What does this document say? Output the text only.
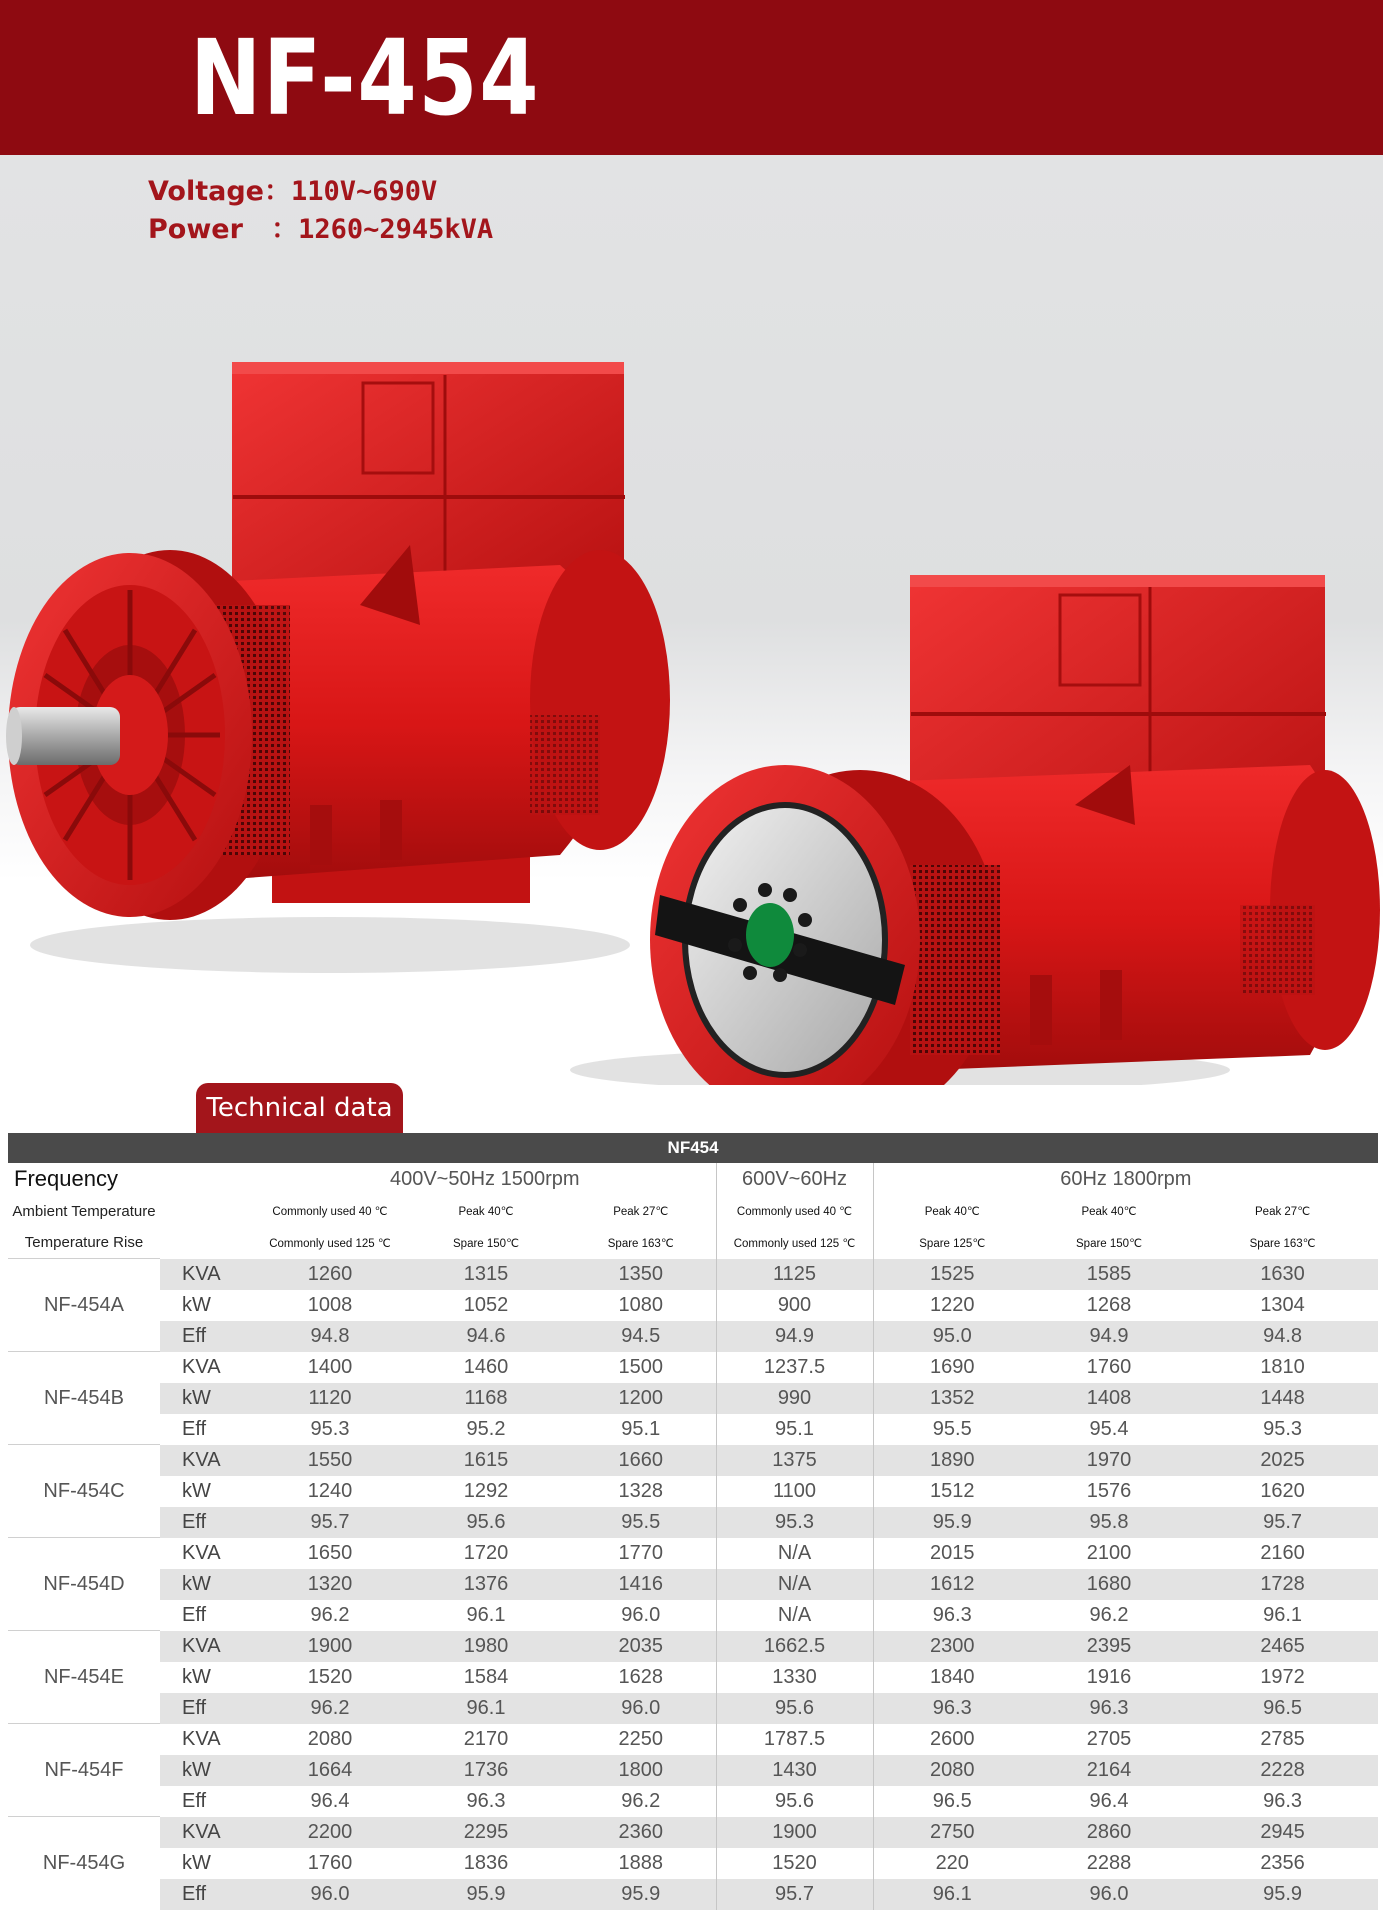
NF-454
Voltage：110V~690V
Power   ：1260~2945kVA
Technical data
NF454								
Frequency		400V~50Hz 1500rpm			600V~60Hz	60Hz 1800rpm		
Ambient Temperature		Commonly used 40 ℃	Peak 40℃	Peak 27℃	Commonly used 40 ℃	Peak 40℃	Peak 40℃	Peak 27℃
Temperature Rise		Commonly used 125 ℃	Spare 150℃	Spare 163℃	Commonly used 125 ℃	Spare 125℃	Spare 150℃	Spare 163℃
NF-454A	KVA	1260	1315	1350	1125	1525	1585	1630
	kW	1008	1052	1080	900	1220	1268	1304
	Eff	94.8	94.6	94.5	94.9	95.0	94.9	94.8
NF-454B	KVA	1400	1460	1500	1237.5	1690	1760	1810
	kW	1120	1168	1200	990	1352	1408	1448
	Eff	95.3	95.2	95.1	95.1	95.5	95.4	95.3
NF-454C	KVA	1550	1615	1660	1375	1890	1970	2025
	kW	1240	1292	1328	1100	1512	1576	1620
	Eff	95.7	95.6	95.5	95.3	95.9	95.8	95.7
NF-454D	KVA	1650	1720	1770	N/A	2015	2100	2160
	kW	1320	1376	1416	N/A	1612	1680	1728
	Eff	96.2	96.1	96.0	N/A	96.3	96.2	96.1
NF-454E	KVA	1900	1980	2035	1662.5	2300	2395	2465
	kW	1520	1584	1628	1330	1840	1916	1972
	Eff	96.2	96.1	96.0	95.6	96.3	96.3	96.5
NF-454F	KVA	2080	2170	2250	1787.5	2600	2705	2785
	kW	1664	1736	1800	1430	2080	2164	2228
	Eff	96.4	96.3	96.2	95.6	96.5	96.4	96.3
NF-454G	KVA	2200	2295	2360	1900	2750	2860	2945
	kW	1760	1836	1888	1520	220	2288	2356
	Eff	96.0	95.9	95.9	95.7	96.1	96.0	95.9
